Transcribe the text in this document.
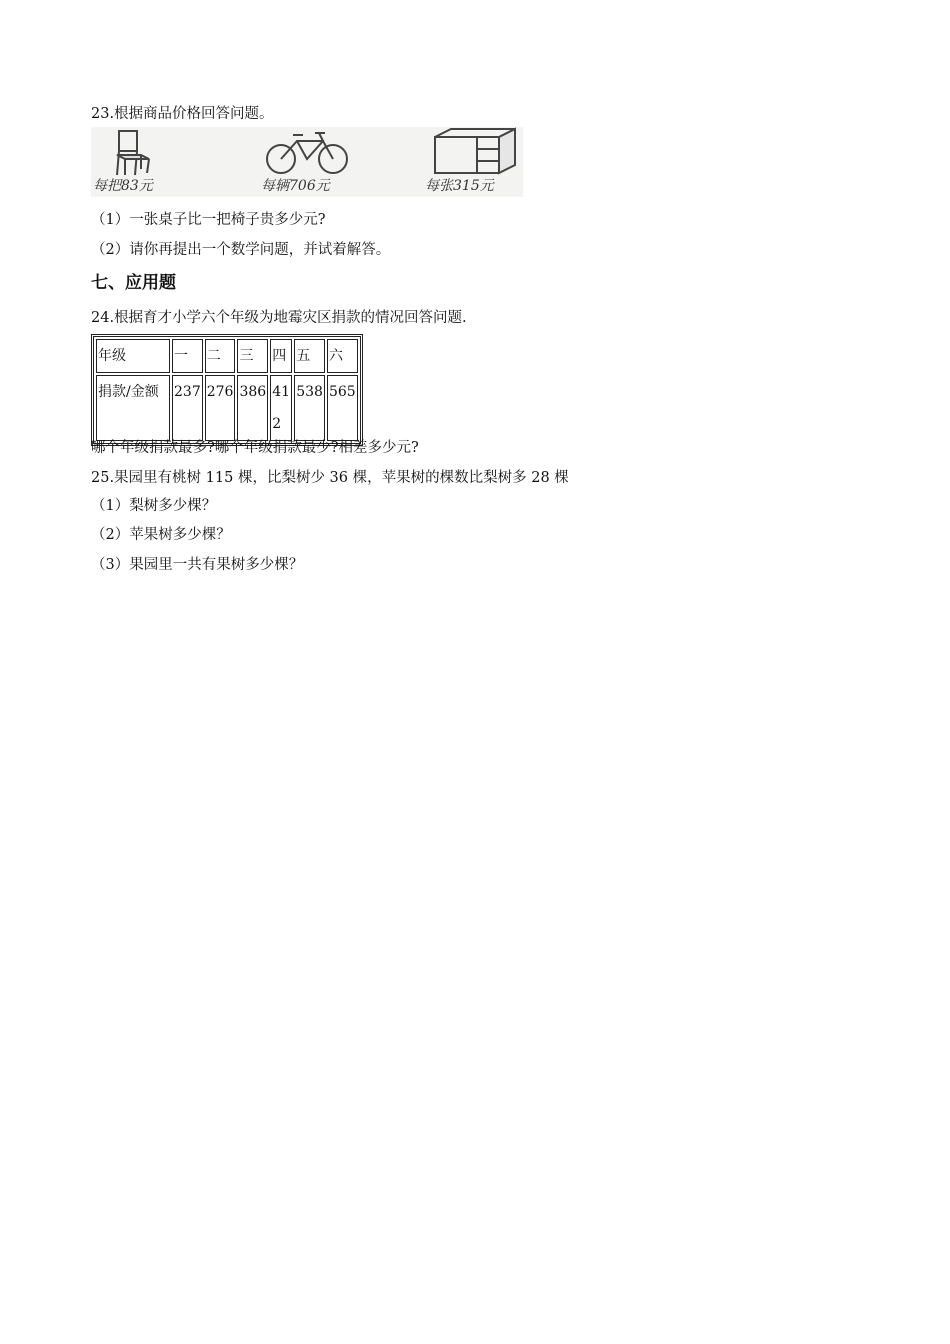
23.根据商品价格回答问题。
每把83元	每辆706元	每张315元
（1）一张桌子比一把椅子贵多少元?
（2）请你再提出一个数学问题，并试着解答。
七、应用题
24.根据育才小学六个年级为地霉灾区捐款的情况回答问题.
年级	一	二	三	四	五	六
捐款/金额	237	276	386	412	538	565
哪个年级捐款最多?哪个年级捐款最少?相差多少元?
25.果园里有桃树 115 棵，比梨树少 36 棵，苹果树的棵数比梨树多 28 棵
（1）梨树多少棵？
（2）苹果树多少棵？
（3）果园里一共有果树多少棵？
